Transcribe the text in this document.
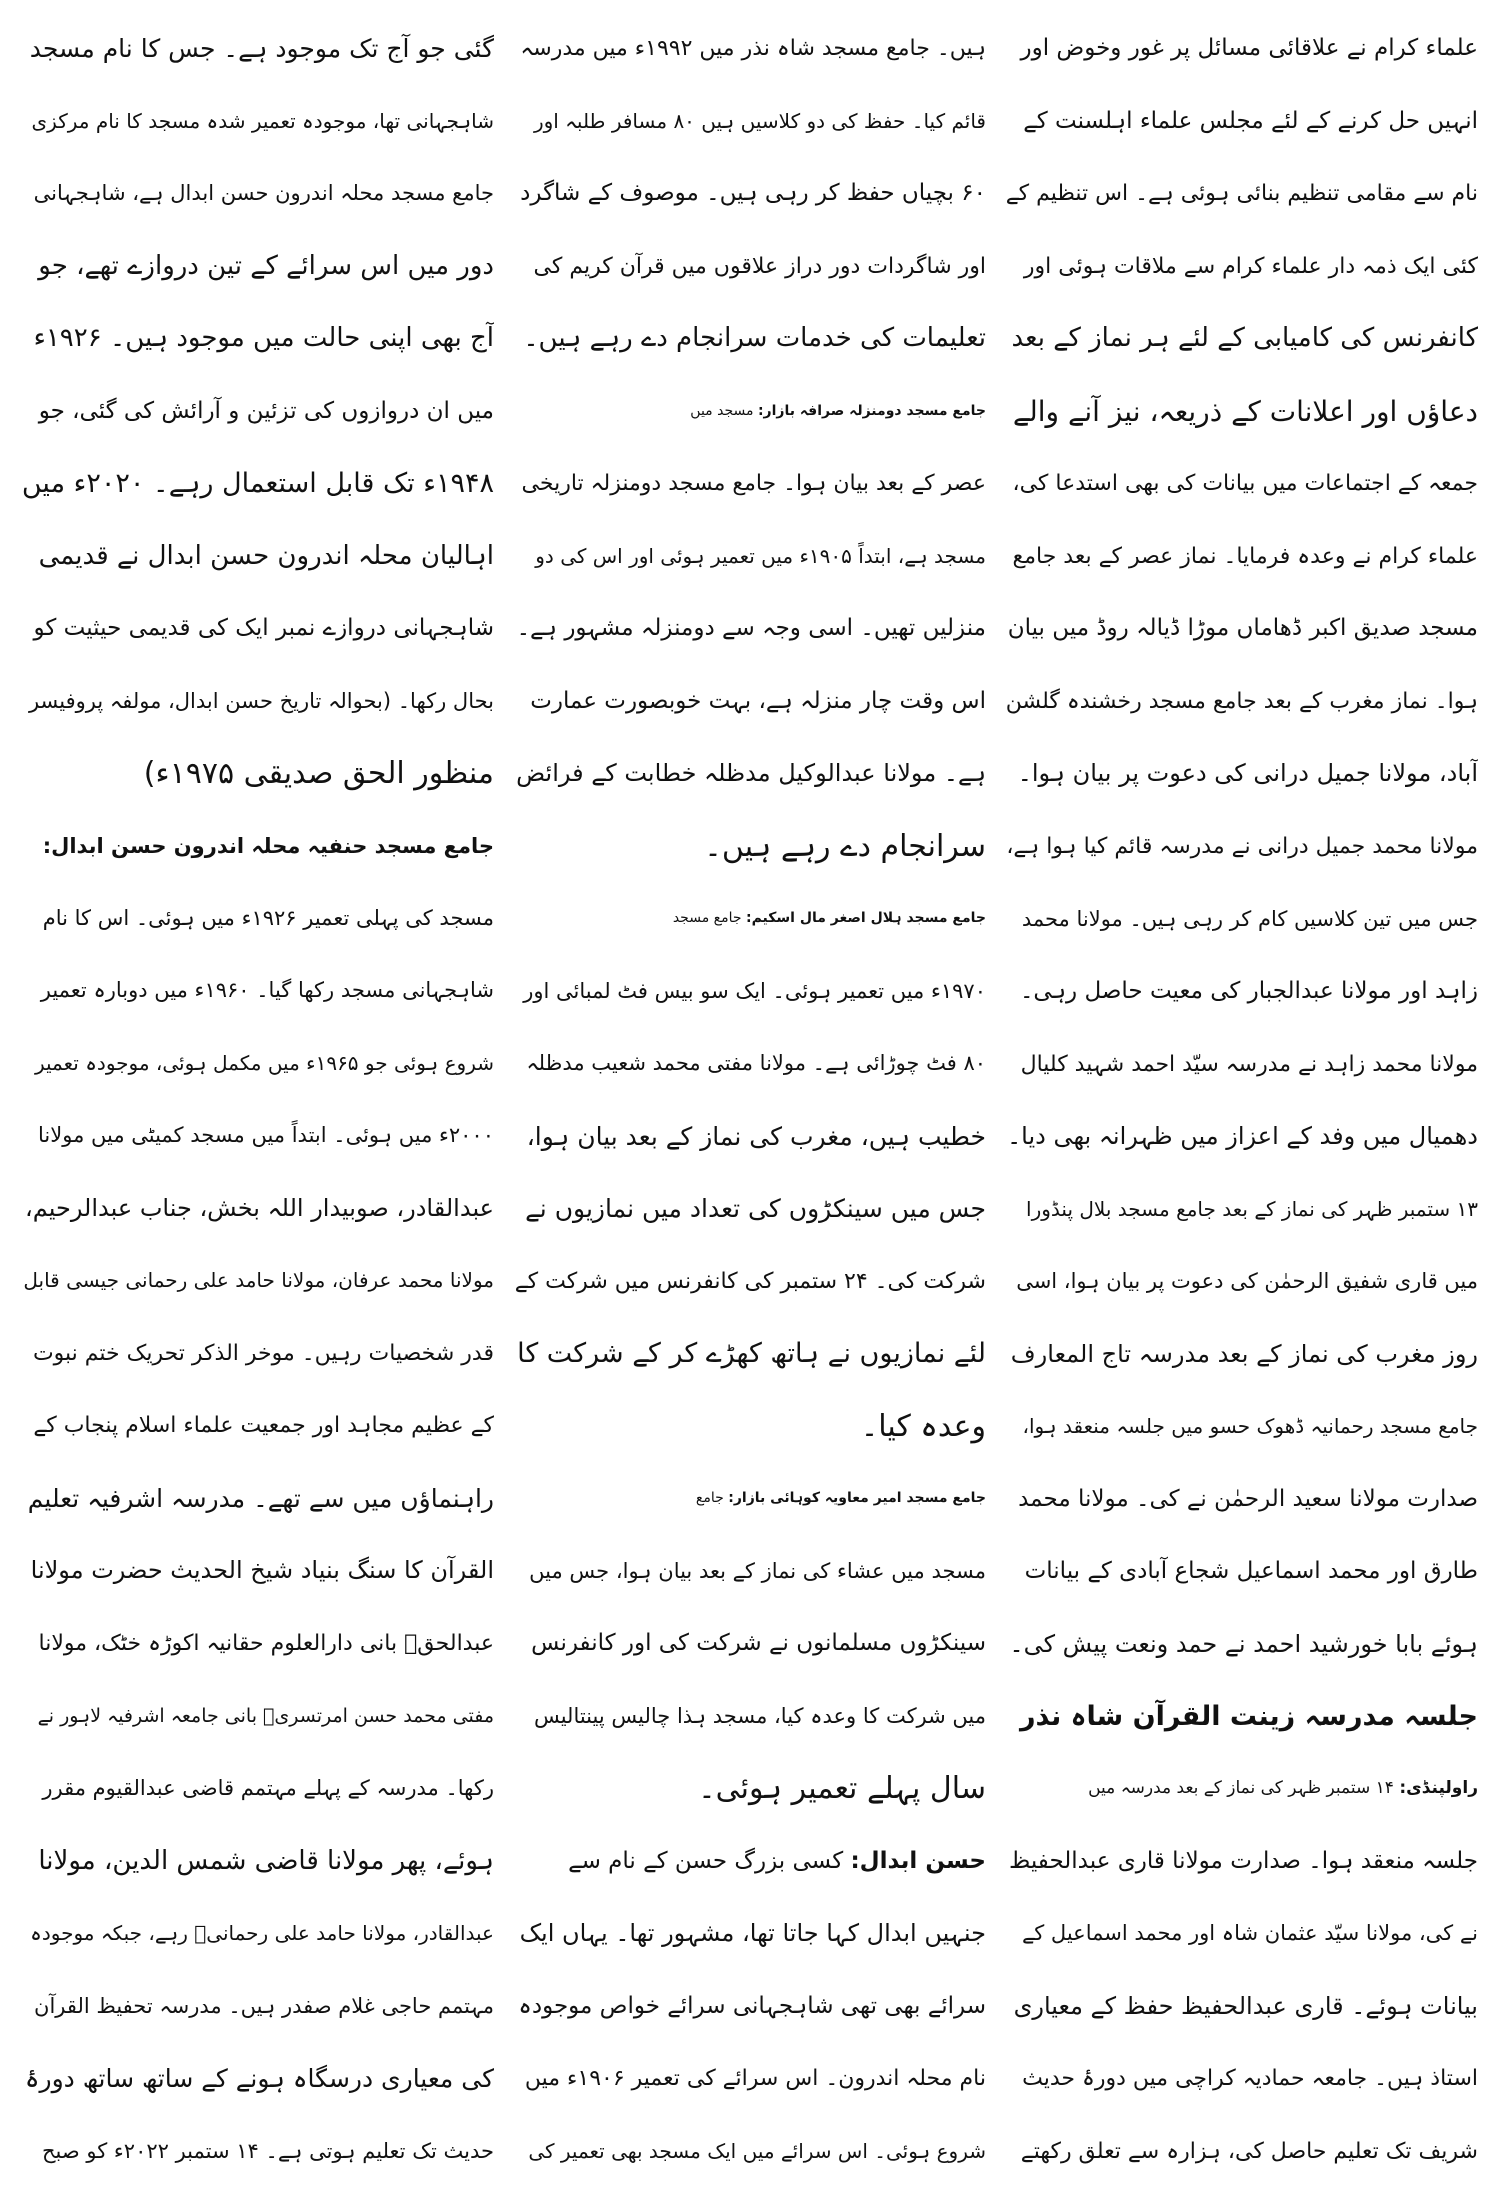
علماء کرام نے علاقائی مسائل پر غور وخوض اور

انہیں حل کرنے کے لئے مجلس علماء اہلسنت کے

نام سے مقامی تنظیم بنائی ہوئی ہے۔ اس تنظیم کے

کئی ایک ذمہ دار علماء کرام سے ملاقات ہوئی اور

کانفرنس کی کامیابی کے لئے ہر نماز کے بعد

دعاؤں اور اعلانات کے ذریعہ، نیز آنے والے

جمعہ کے اجتماعات میں بیانات کی بھی استدعا کی،

علماء کرام نے وعدہ فرمایا۔ نماز عصر کے بعد جامع

مسجد صدیق اکبر ڈھاماں موڑا ڈیالہ روڈ میں بیان

ہوا۔ نماز مغرب کے بعد جامع مسجد رخشندہ گلشن

آباد، مولانا جمیل درانی کی دعوت پر بیان ہوا۔

مولانا محمد جمیل درانی نے مدرسہ قائم کیا ہوا ہے،

جس میں تین کلاسیں کام کر رہی ہیں۔ مولانا محمد

زاہد اور مولانا عبدالجبار کی معیت حاصل رہی۔

مولانا محمد زاہد نے مدرسہ سیّد احمد شہید کلیال

دھمیال میں وفد کے اعزاز میں ظہرانہ بھی دیا۔

۱۳ ستمبر ظہر کی نماز کے بعد جامع مسجد بلال پنڈورا

میں قاری شفیق الرحمٰن کی دعوت پر بیان ہوا، اسی

روز مغرب کی نماز کے بعد مدرسہ تاج المعارف

جامع مسجد رحمانیہ ڈھوک حسو میں جلسہ منعقد ہوا،

صدارت مولانا سعید الرحمٰن نے کی۔ مولانا محمد

طارق اور محمد اسماعیل شجاع آبادی کے بیانات

ہوئے بابا خورشید احمد نے حمد ونعت پیش کی۔

جلسہ مدرسہ زینت القرآن شاہ نذر

راولپنڈی: ۱۴ ستمبر ظہر کی نماز کے بعد مدرسہ میں

جلسہ منعقد ہوا۔ صدارت مولانا قاری عبدالحفیظ

نے کی، مولانا سیّد عثمان شاہ اور محمد اسماعیل کے

بیانات ہوئے۔ قاری عبدالحفیظ حفظ کے معیاری

استاذ ہیں۔ جامعہ حمادیہ کراچی میں دورۂ حدیث

شریف تک تعلیم حاصل کی، ہزارہ سے تعلق رکھتے

ہیں۔ جامع مسجد شاہ نذر میں ۱۹۹۲ء میں مدرسہ

قائم کیا۔ حفظ کی دو کلاسیں ہیں ۸۰ مسافر طلبہ اور

۶۰ بچیاں حفظ کر رہی ہیں۔ موصوف کے شاگرد

اور شاگردات دور دراز علاقوں میں قرآن کریم کی

تعلیمات کی خدمات سرانجام دے رہے ہیں۔

جامع مسجد دومنزلہ صرافہ بازار: مسجد میں

عصر کے بعد بیان ہوا۔ جامع مسجد دومنزلہ تاریخی

مسجد ہے، ابتداً ۱۹۰۵ء میں تعمیر ہوئی اور اس کی دو

منزلیں تھیں۔ اسی وجہ سے دومنزلہ مشہور ہے۔

اس وقت چار منزلہ ہے، بہت خوبصورت عمارت

ہے۔ مولانا عبدالوکیل مدظلہ خطابت کے فرائض

سرانجام دے رہے ہیں۔

جامع مسجد ہلال اصغر مال اسکیم: جامع مسجد

۱۹۷۰ء میں تعمیر ہوئی۔ ایک سو بیس فٹ لمبائی اور

۸۰ فٹ چوڑائی ہے۔ مولانا مفتی محمد شعیب مدظلہ

خطیب ہیں، مغرب کی نماز کے بعد بیان ہوا،

جس میں سینکڑوں کی تعداد میں نمازیوں نے

شرکت کی۔ ۲۴ ستمبر کی کانفرنس میں شرکت کے

لئے نمازیوں نے ہاتھ کھڑے کر کے شرکت کا

وعدہ کیا۔

جامع مسجد امیر معاویہ کوہائی بازار: جامع

مسجد میں عشاء کی نماز کے بعد بیان ہوا، جس میں

سینکڑوں مسلمانوں نے شرکت کی اور کانفرنس

میں شرکت کا وعدہ کیا، مسجد ہذا چالیس پینتالیس

سال پہلے تعمیر ہوئی۔

حسن ابدال: کسی بزرگ حسن کے نام سے

جنہیں ابدال کہا جاتا تھا، مشہور تھا۔ یہاں ایک

سرائے بھی تھی شاہجہانی سرائے خواص موجودہ

نام محلہ اندرون۔ اس سرائے کی تعمیر ۱۹۰۶ء میں

شروع ہوئی۔ اس سرائے میں ایک مسجد بھی تعمیر کی

گئی جو آج تک موجود ہے۔ جس کا نام مسجد

شاہجہانی تھا، موجودہ تعمیر شدہ مسجد کا نام مرکزی

جامع مسجد محلہ اندرون حسن ابدال ہے، شاہجہانی

دور میں اس سرائے کے تین دروازے تھے، جو

آج بھی اپنی حالت میں موجود ہیں۔ ۱۹۲۶ء

میں ان دروازوں کی تزئین و آرائش کی گئی، جو

۱۹۴۸ء تک قابل استعمال رہے۔ ۲۰۲۰ء میں

اہالیان محلہ اندرون حسن ابدال نے قدیمی

شاہجہانی دروازے نمبر ایک کی قدیمی حیثیت کو

بحال رکھا۔ (بحوالہ تاریخ حسن ابدال، مولفہ پروفیسر

منظور الحق صدیقی ۱۹۷۵ء)

جامع مسجد حنفیہ محلہ اندرون حسن ابدال:

مسجد کی پہلی تعمیر ۱۹۲۶ء میں ہوئی۔ اس کا نام

شاہجہانی مسجد رکھا گیا۔ ۱۹۶۰ء میں دوبارہ تعمیر

شروع ہوئی جو ۱۹۶۵ء میں مکمل ہوئی، موجودہ تعمیر

۲۰۰۰ء میں ہوئی۔ ابتداً میں مسجد کمیٹی میں مولانا

عبدالقادر، صوبیدار اللہ بخش، جناب عبدالرحیم،

مولانا محمد عرفان، مولانا حامد علی رحمانی جیسی قابل

قدر شخصیات رہیں۔ موخر الذکر تحریک ختم نبوت

کے عظیم مجاہد اور جمعیت علماء اسلام پنجاب کے

راہنماؤں میں سے تھے۔ مدرسہ اشرفیہ تعلیم

القرآن کا سنگ بنیاد شیخ الحدیث حضرت مولانا

عبدالحقؒ بانی دارالعلوم حقانیہ اکوڑہ خٹک، مولانا

مفتی محمد حسن امرتسریؒ بانی جامعہ اشرفیہ لاہور نے

رکھا۔ مدرسہ کے پہلے مہتمم قاضی عبدالقیوم مقرر

ہوئے، پھر مولانا قاضی شمس الدین، مولانا

عبدالقادر، مولانا حامد علی رحمانیؒ رہے، جبکہ موجودہ

مہتمم حاجی غلام صفدر ہیں۔ مدرسہ تحفیظ القرآن

کی معیاری درسگاہ ہونے کے ساتھ ساتھ دورۂ

حدیث تک تعلیم ہوتی ہے۔ ۱۴ ستمبر ۲۰۲۲ء کو صبح
